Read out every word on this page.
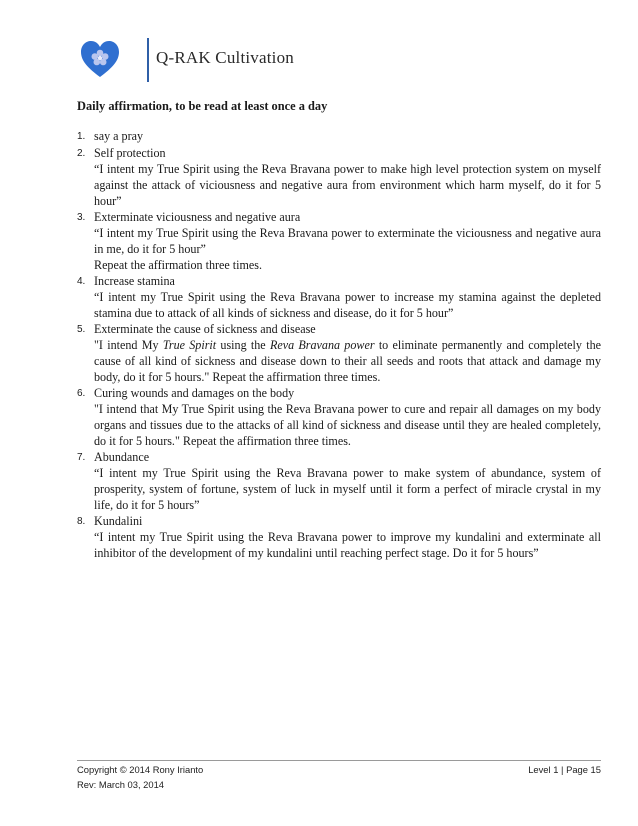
Q-RAK Cultivation
Daily affirmation, to be read at least once a day
1. say a pray
2. Self protection
“I intent my True Spirit using the Reva Bravana power to make high level protection system on myself against the attack of viciousness and negative aura from environment which harm myself, do it for 5 hour”
3. Exterminate viciousness and negative aura
“I intent my True Spirit using the Reva Bravana power to exterminate the viciousness and negative aura in me, do it for 5 hour”
Repeat the affirmation three times.
4. Increase stamina
“I intent my True Spirit using the Reva Bravana power to increase my stamina against the depleted stamina due to attack of all kinds of sickness and disease, do it for 5 hour”
5. Exterminate the cause of sickness and disease
"I intend My True Spirit using the Reva Bravana power to eliminate permanently and completely the cause of all kind of sickness and disease down to their all seeds and roots that attack and damage my body, do it for 5 hours." Repeat the affirmation three times.
6. Curing wounds and damages on the body
"I intend that My True Spirit using the Reva Bravana power to cure and repair all damages on my body organs and tissues due to the attacks of all kind of sickness and disease until they are healed completely, do it for 5 hours." Repeat the affirmation three times.
7. Abundance
“I intent my True Spirit using the Reva Bravana power to make system of abundance, system of prosperity, system of fortune, system of luck in myself until it form a perfect of miracle crystal in my life, do it for 5 hours”
8. Kundalini
“I intent my True Spirit using the Reva Bravana power to improve my kundalini and exterminate all inhibitor of the development of my kundalini until reaching perfect stage. Do it for 5 hours”
Copyright © 2014 Rony Irianto	Level 1 | Page 15
Rev: March 03, 2014
